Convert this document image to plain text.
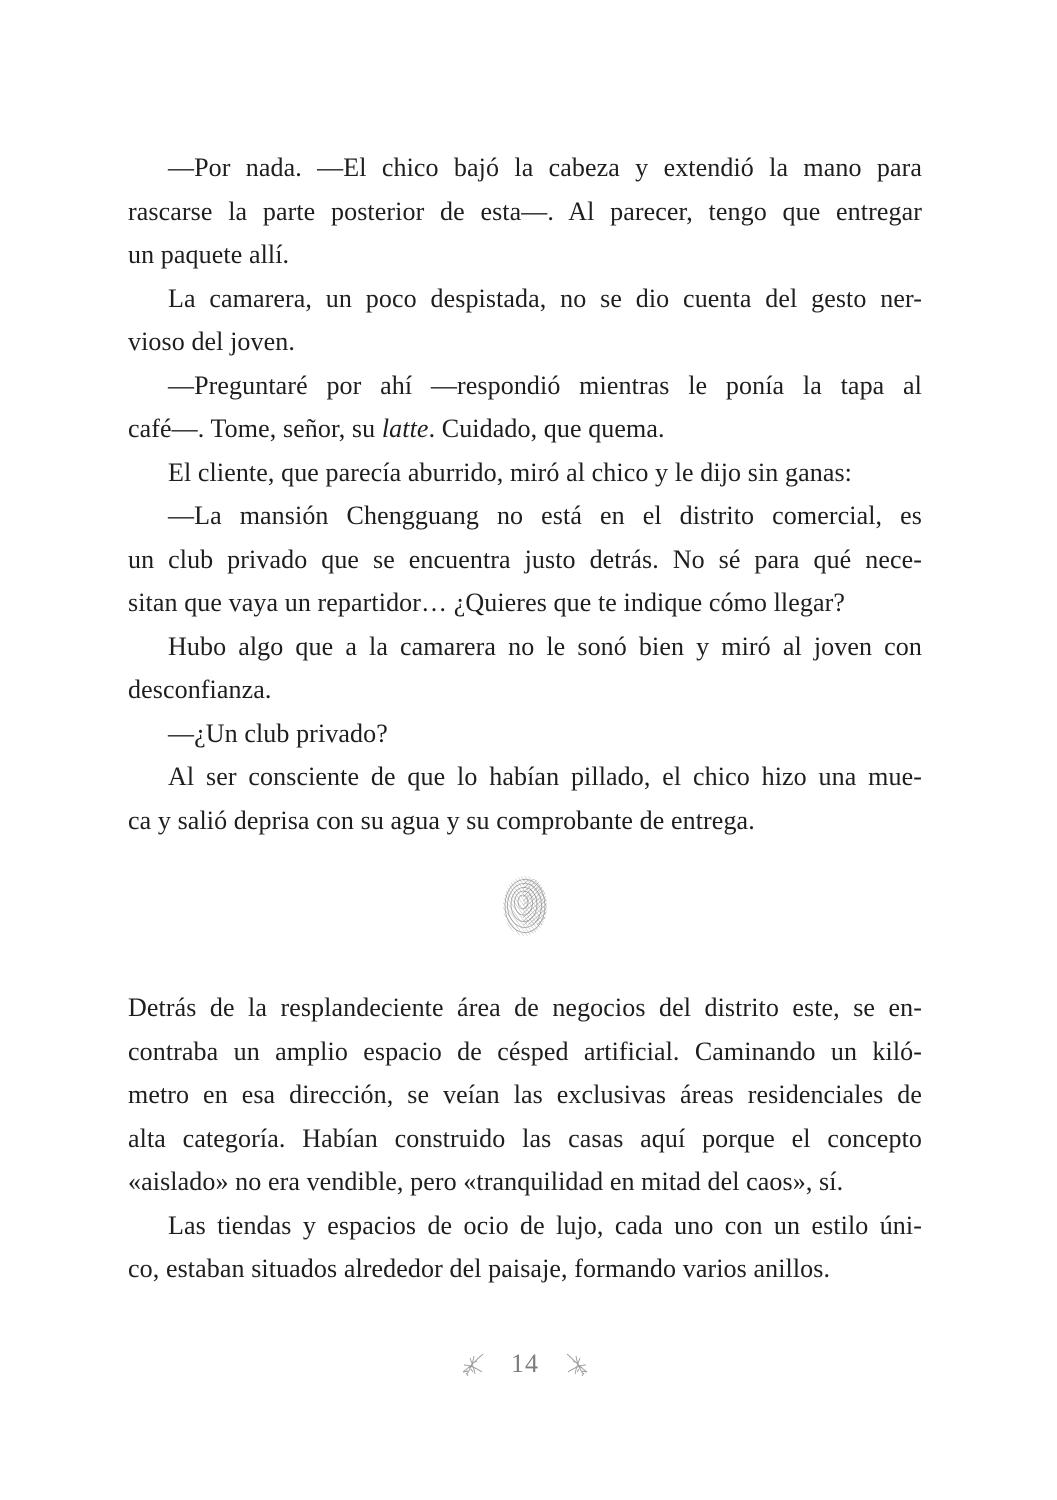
—Por nada. —El chico bajó la cabeza y extendió la mano para
rascarse la parte posterior de esta—. Al parecer, tengo que entregar
un paquete allí.

La camarera, un poco despistada, no se dio cuenta del gesto ner-
vioso del joven.

—Preguntaré por ahí —respondió mientras le ponía la tapa al
café—. Tome, señor, su latte. Cuidado, que quema.

El cliente, que parecía aburrido, miró al chico y le dijo sin ganas:

—La mansión Chengguang no está en el distrito comercial, es
un club privado que se encuentra justo detrás. No sé para qué nece-
sitan que vaya un repartidor… ¿Quieres que te indique cómo llegar?

Hubo algo que a la camarera no le sonó bien y miró al joven con
desconfianza.

—¿Un club privado?

Al ser consciente de que lo habían pillado, el chico hizo una mue-
ca y salió deprisa con su agua y su comprobante de entrega.

Detrás de la resplandeciente área de negocios del distrito este, se en-
contraba un amplio espacio de césped artificial. Caminando un kiló-
metro en esa dirección, se veían las exclusivas áreas residenciales de
alta categoría. Habían construido las casas aquí porque el concepto
«aislado» no era vendible, pero «tranquilidad en mitad del caos», sí.

Las tiendas y espacios de ocio de lujo, cada uno con un estilo úni-
co, estaban situados alrededor del paisaje, formando varios anillos.

14
